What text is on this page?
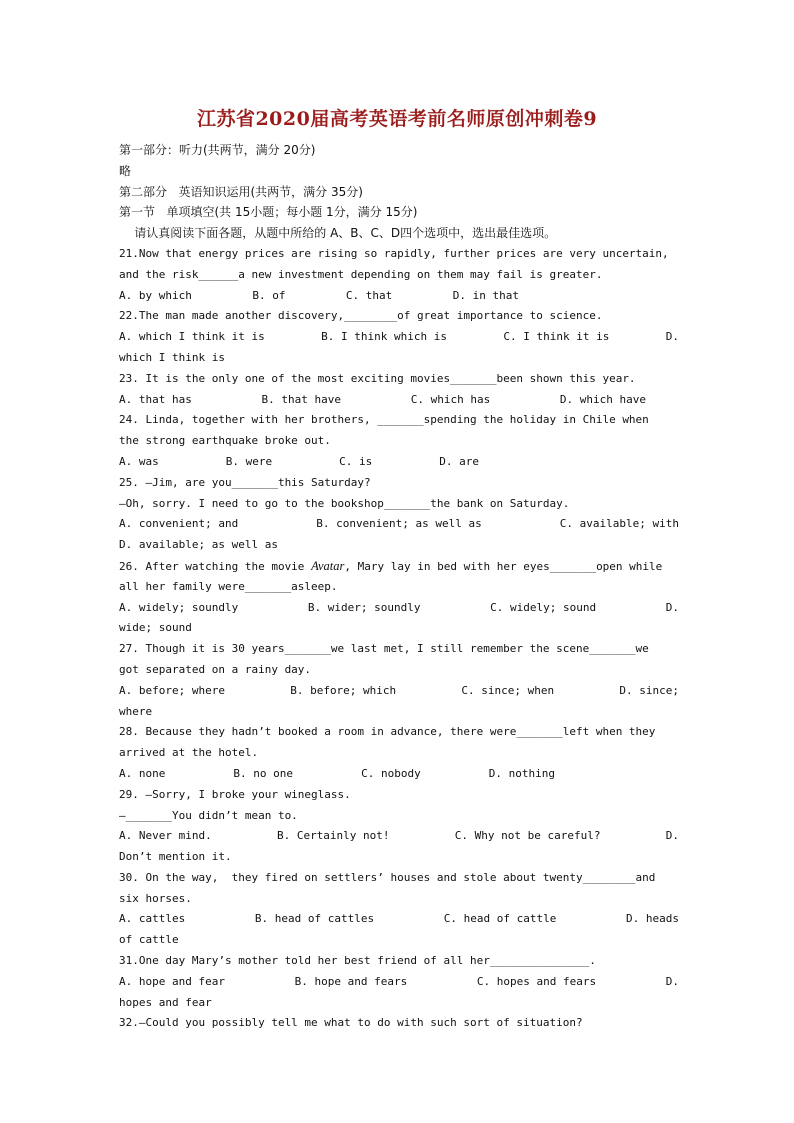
江苏省2020届高考英语考前名师原创冲刺卷9
第一部分：听力(共两节，满分 20分)
略
第二部分   英语知识运用(共两节，满分 35分)
第一节   单项填空(共 15小题；每小题 1分，满分 15分)
请认真阅读下面各题，从题中所给的 A、B、C、D四个选项中，选出最佳选项。
21.Now that energy prices are rising so rapidly, further prices are very uncertain,
and the risk______a new investment depending on them may fail is greater.
A. by which	B. of	C. that	D. in that
22.The man made another discovery,________of great importance to science.
A. which I think it is	B. I think which is	C. I think it is	D.
which I think is
23. It is the only one of the most exciting movies_______been shown this year.
A. that has	B. that have	C. which has	D. which have
24. Linda, together with her brothers, _______spending the holiday in Chile when
the strong earthquake broke out.
A. was	B. were	C. is	D. are
25. —Jim, are you_______this Saturday?
—Oh, sorry. I need to go to the bookshop_______the bank on Saturday.
A. convenient; and	B. convenient; as well as	C. available; with
D. available; as well as
26. After watching the movie Avatar, Mary lay in bed with her eyes_______open while
all her family were_______asleep.
A. widely; soundly	B. wider; soundly	C. widely; sound	D.
wide; sound
27. Though it is 30 years_______we last met, I still remember the scene_______we
got separated on a rainy day.
A. before; where	B. before; which	C. since; when	D. since;
where
28. Because they hadn’t booked a room in advance, there were_______left when they
arrived at the hotel.
A. none	B. no one	C. nobody	D. nothing
29. —Sorry, I broke your wineglass.
—_______You didn’t mean to.
A. Never mind.	B. Certainly not!	C. Why not be careful?	D.
Don’t mention it.
30. On the way,  they fired on settlers’ houses and stole about twenty________and
six horses.
A. cattles	B. head of cattles	C. head of cattle	D. heads
of cattle
31.One day Mary’s mother told her best friend of all her_______________.
A. hope and fear	B. hope and fears	C. hopes and fears	D.
hopes and fear
32.—Could you possibly tell me what to do with such sort of situation?
